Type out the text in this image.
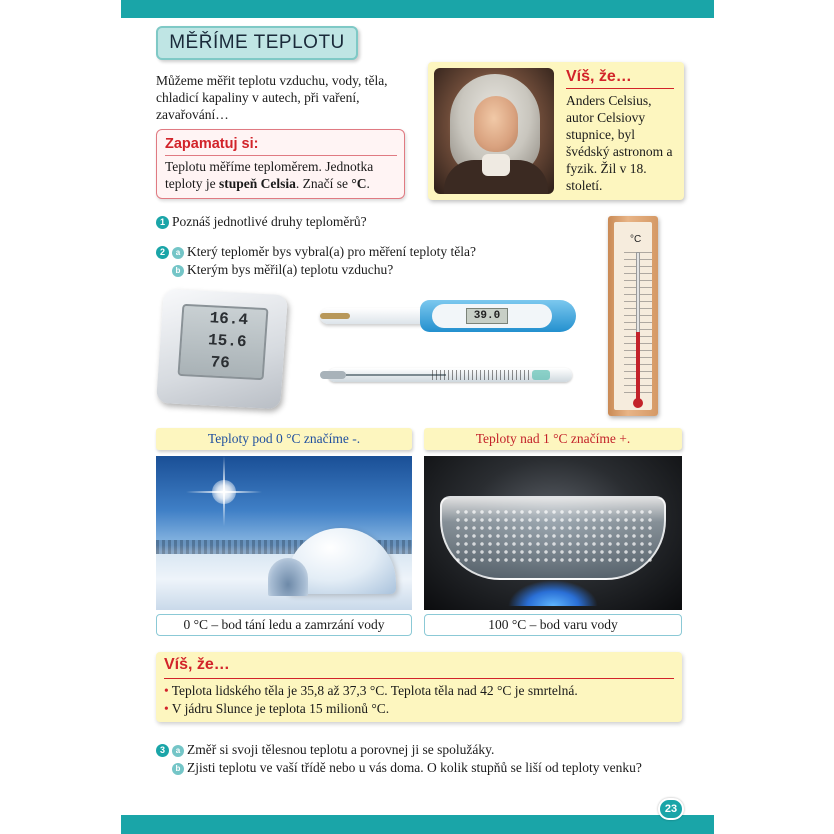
MĚŘÍME TEPLOTU
Můžeme měřit teplotu vzduchu, vody, těla, chladicí kapaliny v autech, při vaření, zavařování…
Víš, že…
Anders Celsius, autor Celsiovy stupnice, byl švédský astronom a fyzik. Žil v 18. století.
Zapamatuj si:
Teplotu měříme teploměrem. Jednotka teploty je stupeň Celsia. Značí se °C.
1 Poznáš jednotlivé druhy teploměrů?
2 a Který teploměr bys vybral(a) pro měření teploty těla?
b Kterým bys měřil(a) teplotu vzduchu?
16.4
15.6
76
39.0
°C
Teploty pod 0 °C značíme -.	Teploty nad 1 °C značíme +.
0 °C – bod tání ledu a zamrzání vody	100 °C – bod varu vody
Víš, že…
• Teplota lidského těla je 35,8 až 37,3 °C. Teplota těla nad 42 °C je smrtelná.
• V jádru Slunce je teplota 15 milionů °C.
3 a Změř si svoji tělesnou teplotu a porovnej ji se spolužáky.
b Zjisti teplotu ve vaší třídě nebo u vás doma. O kolik stupňů se liší od teploty venku?
23
